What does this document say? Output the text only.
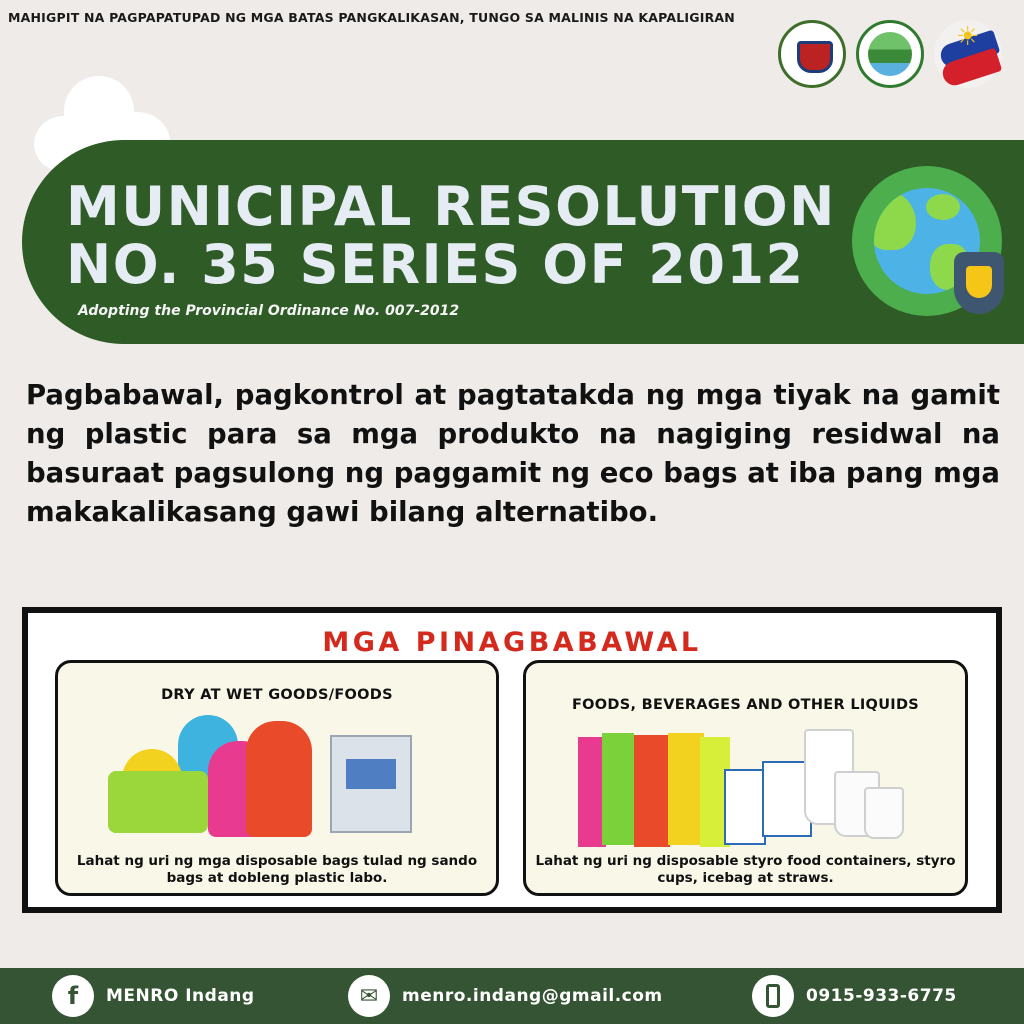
MAHIGPIT NA PAGPAPATUPAD NG MGA BATAS PANGKALIKASAN, TUNGO SA MALINIS NA KAPALIGIRAN
☀
MUNICIPAL RESOLUTION
NO. 35 SERIES OF 2012
Adopting the Provincial Ordinance No. 007-2012
Pagbabawal, pagkontrol at pagtatakda ng mga tiyak na gamit ng plastic para sa mga produkto na nagiging residwal na basuraat pagsulong ng paggamit ng eco bags at iba pang mga makakalikasang gawi bilang alternatibo.
MGA PINAGBABAWAL
DRY AT WET GOODS/FOODS
Lahat ng uri ng mga disposable bags tulad ng sando bags at dobleng plastic labo.
FOODS, BEVERAGES AND OTHER LIQUIDS
Lahat ng uri ng disposable styro food containers, styro cups, icebag at straws.
f	MENRO Indang	✉	menro.indang@gmail.com	0915-933-6775
